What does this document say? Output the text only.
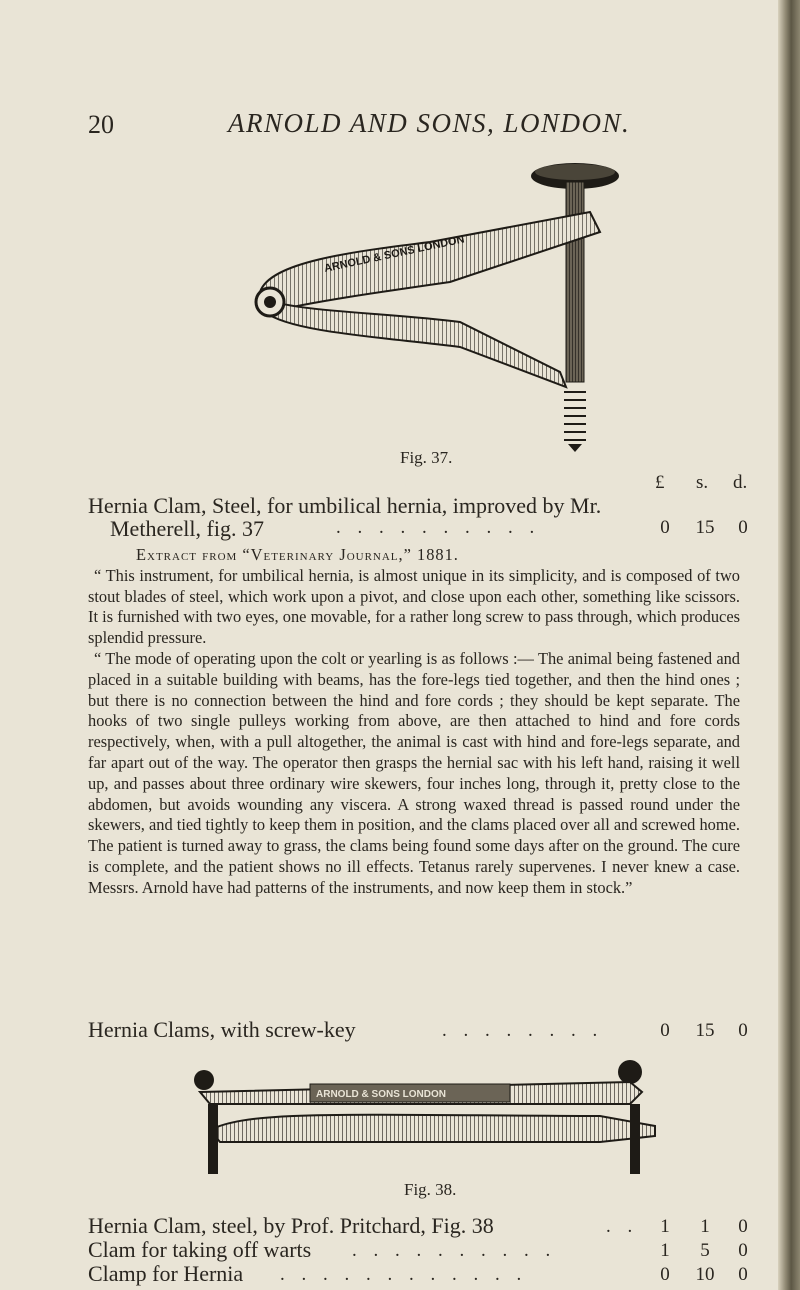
20	ARNOLD AND SONS, LONDON.
ARNOLD & SONS LONDON
Fig. 37.
£ s. d.
Hernia Clam, Steel, for umbilical hernia, improved by Mr.
Metherell, fig. 37	. . . . . . . . . .	0	15	0

Extract from “Veterinary Journal,” 1881.

“ This instrument, for umbilical hernia, is almost unique in its simplicity, and is composed of two stout blades of steel, which work upon a pivot, and close upon each other, something like scissors. It is furnished with two eyes, one movable, for a rather long screw to pass through, which produces splendid pressure.

“ The mode of operating upon the colt or yearling is as follows :— The animal being fastened and placed in a suitable building with beams, has the fore-legs tied together, and then the hind ones ; but there is no connection between the hind and fore cords ; they should be kept separate. The hooks of two single pulleys working from above, are then attached to hind and fore cords respectively, when, with a pull altogether, the animal is cast with hind and fore-legs separate, and far apart out of the way. The operator then grasps the hernial sac with his left hand, raising it well up, and passes about three ordinary wire skewers, four inches long, through it, pretty close to the abdomen, but avoids wounding any viscera. A strong waxed thread is passed round under the skewers, and tied tightly to keep them in position, and the clams placed over all and screwed home. The patient is turned away to grass, the clams being found some days after on the ground. The cure is complete, and the patient shows no ill effects. Tetanus rarely supervenes. I never knew a case. Messrs. Arnold have had patterns of the instruments, and now keep them in stock.”

Hernia Clams, with screw-key	. . . . . . . .	0	15	0
ARNOLD & SONS LONDON
Fig. 38.
Hernia Clam, steel, by Prof. Pritchard, Fig. 38	. .	1	1	0
Clam for taking off warts . . . . . . . . . .	1	5	0
Clamp for Hernia . . . . . . . . . . . .	0	10	0
